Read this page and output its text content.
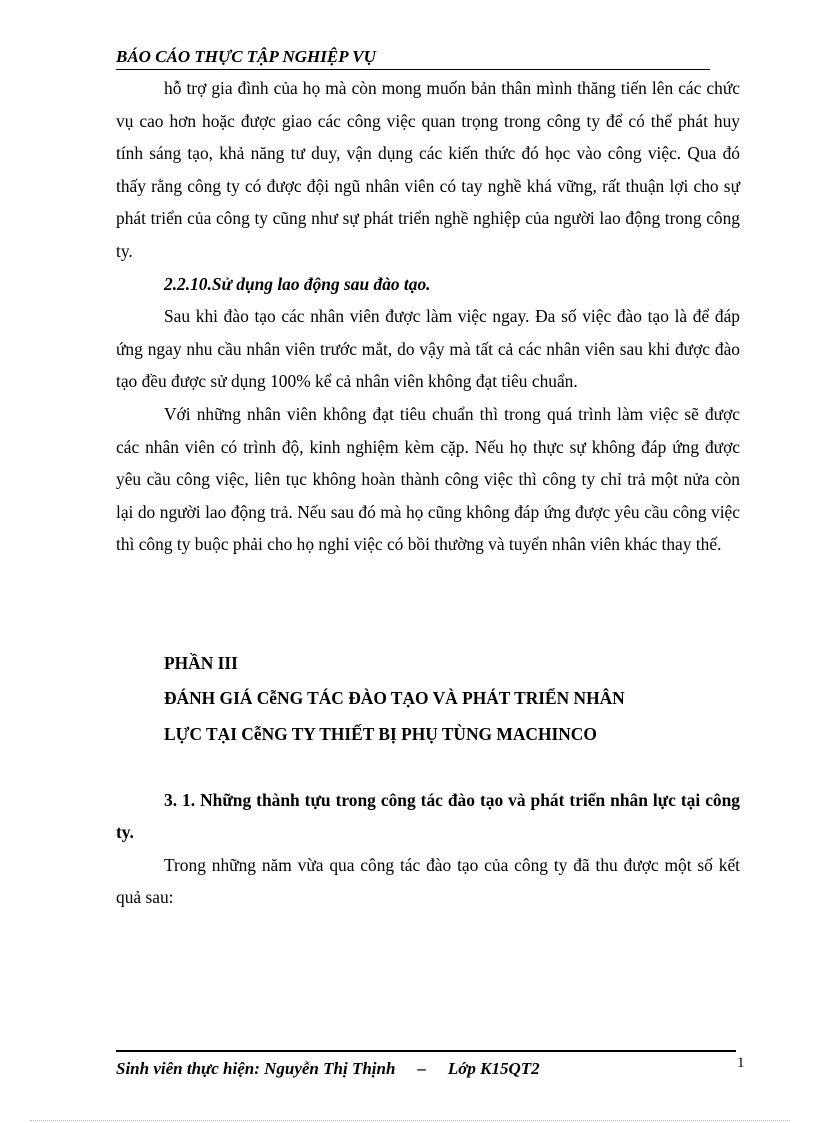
BÁO CÁO THỰC TẬP NGHIỆP VỤ

hỗ trợ gia đình của họ mà còn mong muốn bản thân mình thăng tiến lên các chức vụ cao hơn hoặc được giao các công việc quan trọng trong công ty để có thể phát huy tính sáng tạo, khả năng tư duy, vận dụng các kiến thức đó học vào công việc. Qua đó thấy rằng công ty có được đội ngũ nhân viên có tay nghề khá vững, rất thuận lợi cho sự phát triển của công ty cũng như sự phát triển nghề nghiệp của người lao động trong công ty.

2.2.10.Sử dụng lao động sau đào tạo.

Sau khi đào tạo các nhân viên được làm việc ngay. Đa số việc đào tạo là để đáp ứng ngay nhu cầu nhân viên trước mắt, do vậy mà tất cả các nhân viên sau khi được đào tạo đều được sử dụng 100% kể cả nhân viên không đạt tiêu chuẩn.

Với những nhân viên không đạt tiêu chuẩn thì trong quá trình làm việc sẽ được các nhân viên có trình độ, kinh nghiệm kèm cặp. Nếu họ thực sự không đáp ứng được yêu cầu công việc, liên tục không hoàn thành công việc thì công ty chỉ trả một nửa còn lại do người lao động trả. Nếu sau đó mà họ cũng không đáp ứng được yêu cầu công việc thì công ty buộc phải cho họ nghỉ việc có bồi thường và tuyển nhân viên khác thay thế.

PHẦN III

ĐÁNH GIÁ CễNG TÁC ĐÀO TẠO VÀ PHÁT TRIỂN NHÂN

LỰC TẠI CễNG TY THIẾT BỊ PHỤ TÙNG MACHINCO

3. 1. Những thành tựu trong công tác đào tạo và phát triển nhân lực tại công ty.

Trong những năm vừa qua công tác đào tạo của công ty đã thu được một số kết quả sau:

Sinh viên thực hiện: Nguyễn Thị Thịnh – Lớp K15QT2	1
